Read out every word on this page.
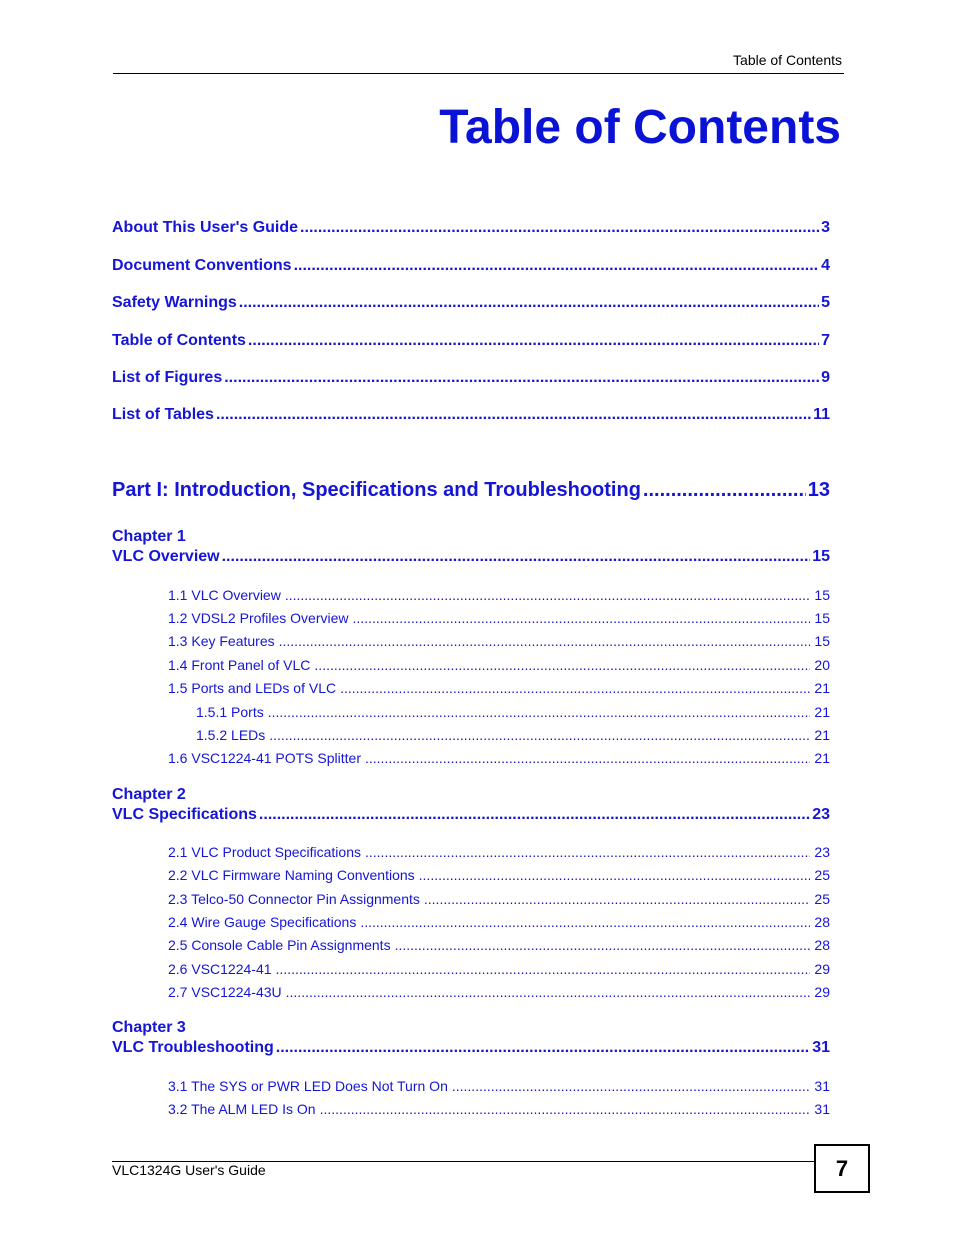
Table of Contents
Table of Contents
About This User's Guide .....	3
Document Conventions .....	4
Safety Warnings .....	5
Table of Contents .....	7
List of Figures .....	9
List of Tables .....	11
Part I: Introduction, Specifications and Troubleshooting .....	13
Chapter 1
VLC Overview .....	15
1.1 VLC Overview .....	15
1.2 VDSL2 Profiles Overview .....	15
1.3 Key Features .....	15
1.4 Front Panel of VLC .....	20
1.5 Ports and LEDs of VLC .....	21
1.5.1 Ports .....	21
1.5.2 LEDs .....	21
1.6 VSC1224-41 POTS Splitter .....	21
Chapter 2
VLC Specifications .....	23
2.1 VLC Product Specifications .....	23
2.2 VLC Firmware Naming Conventions .....	25
2.3 Telco-50 Connector Pin Assignments .....	25
2.4 Wire Gauge Specifications .....	28
2.5 Console Cable Pin Assignments .....	28
2.6 VSC1224-41 .....	29
2.7 VSC1224-43U .....	29
Chapter 3
VLC Troubleshooting .....	31
3.1 The SYS or PWR LED Does Not Turn On .....	31
3.2 The ALM LED Is On .....	31
VLC1324G User's Guide	7
